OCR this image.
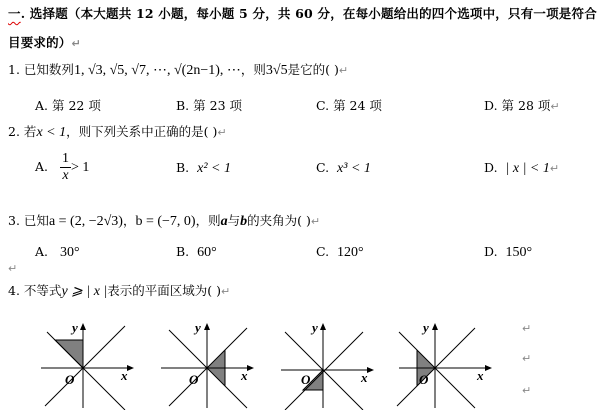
一. 选择题（本大题共 12 小题，每小题 5 分，共 60 分，在每小题给出的四个选项中，只有一项是符合
目要求的）↵
1. 已知数列1, √3, √5, √7, ⋯, √(2n−1), ⋯，则3√5是它的( )↵
A. 第 22 项	B. 第 23 项	C. 第 24 项	D. 第 28 项↵
2. 若x < 1，则下列关系中正确的是( )↵
A. $\frac{1}{x} > 1$	B. x² < 1	C. x³ < 1	D. | x | < 1↵
3. 已知a = (2, −2√3)，b = (−7, 0)，则a与b的夹角为( )↵
A. 30°	B. 60°	C. 120°	D. 150°
↵
4. 不等式y ⩾ | x |表示的平面区域为( )↵
y
x
O
y
x
O
y
x
O
y
x
O
↵
↵
↵
